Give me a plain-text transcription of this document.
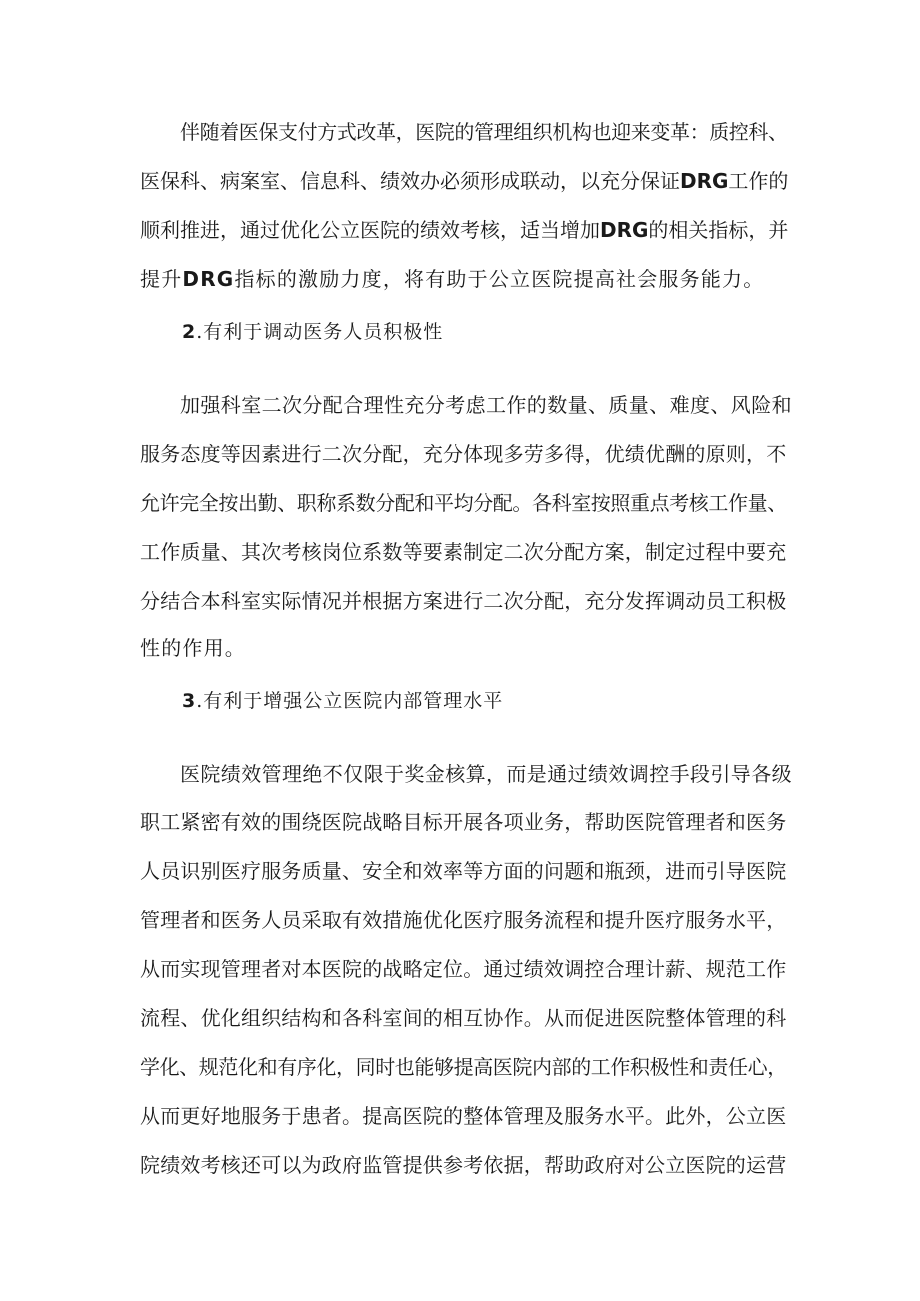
伴随着医保支付方式改革，医院的管理组织机构也迎来变革：质控科、
医保科、病案室、信息科、绩效办必须形成联动，以充分保证DRG工作的
顺利推进，通过优化公立医院的绩效考核，适当增加DRG的相关指标，并
提升DRG指标的激励力度，将有助于公立医院提高社会服务能力。
2.有利于调动医务人员积极性
加强科室二次分配合理性充分考虑工作的数量、质量、难度、风险和
服务态度等因素进行二次分配，充分体现多劳多得，优绩优酬的原则，不
允许完全按出勤、职称系数分配和平均分配。各科室按照重点考核工作量、
工作质量、其次考核岗位系数等要素制定二次分配方案，制定过程中要充
分结合本科室实际情况并根据方案进行二次分配，充分发挥调动员工积极
性的作用。
3.有利于增强公立医院内部管理水平
医院绩效管理绝不仅限于奖金核算，而是通过绩效调控手段引导各级
职工紧密有效的围绕医院战略目标开展各项业务，帮助医院管理者和医务
人员识别医疗服务质量、安全和效率等方面的问题和瓶颈，进而引导医院
管理者和医务人员采取有效措施优化医疗服务流程和提升医疗服务水平，
从而实现管理者对本医院的战略定位。通过绩效调控合理计薪、规范工作
流程、优化组织结构和各科室间的相互协作。从而促进医院整体管理的科
学化、规范化和有序化，同时也能够提高医院内部的工作积极性和责任心，
从而更好地服务于患者。提高医院的整体管理及服务水平。此外，公立医
院绩效考核还可以为政府监管提供参考依据，帮助政府对公立医院的运营
